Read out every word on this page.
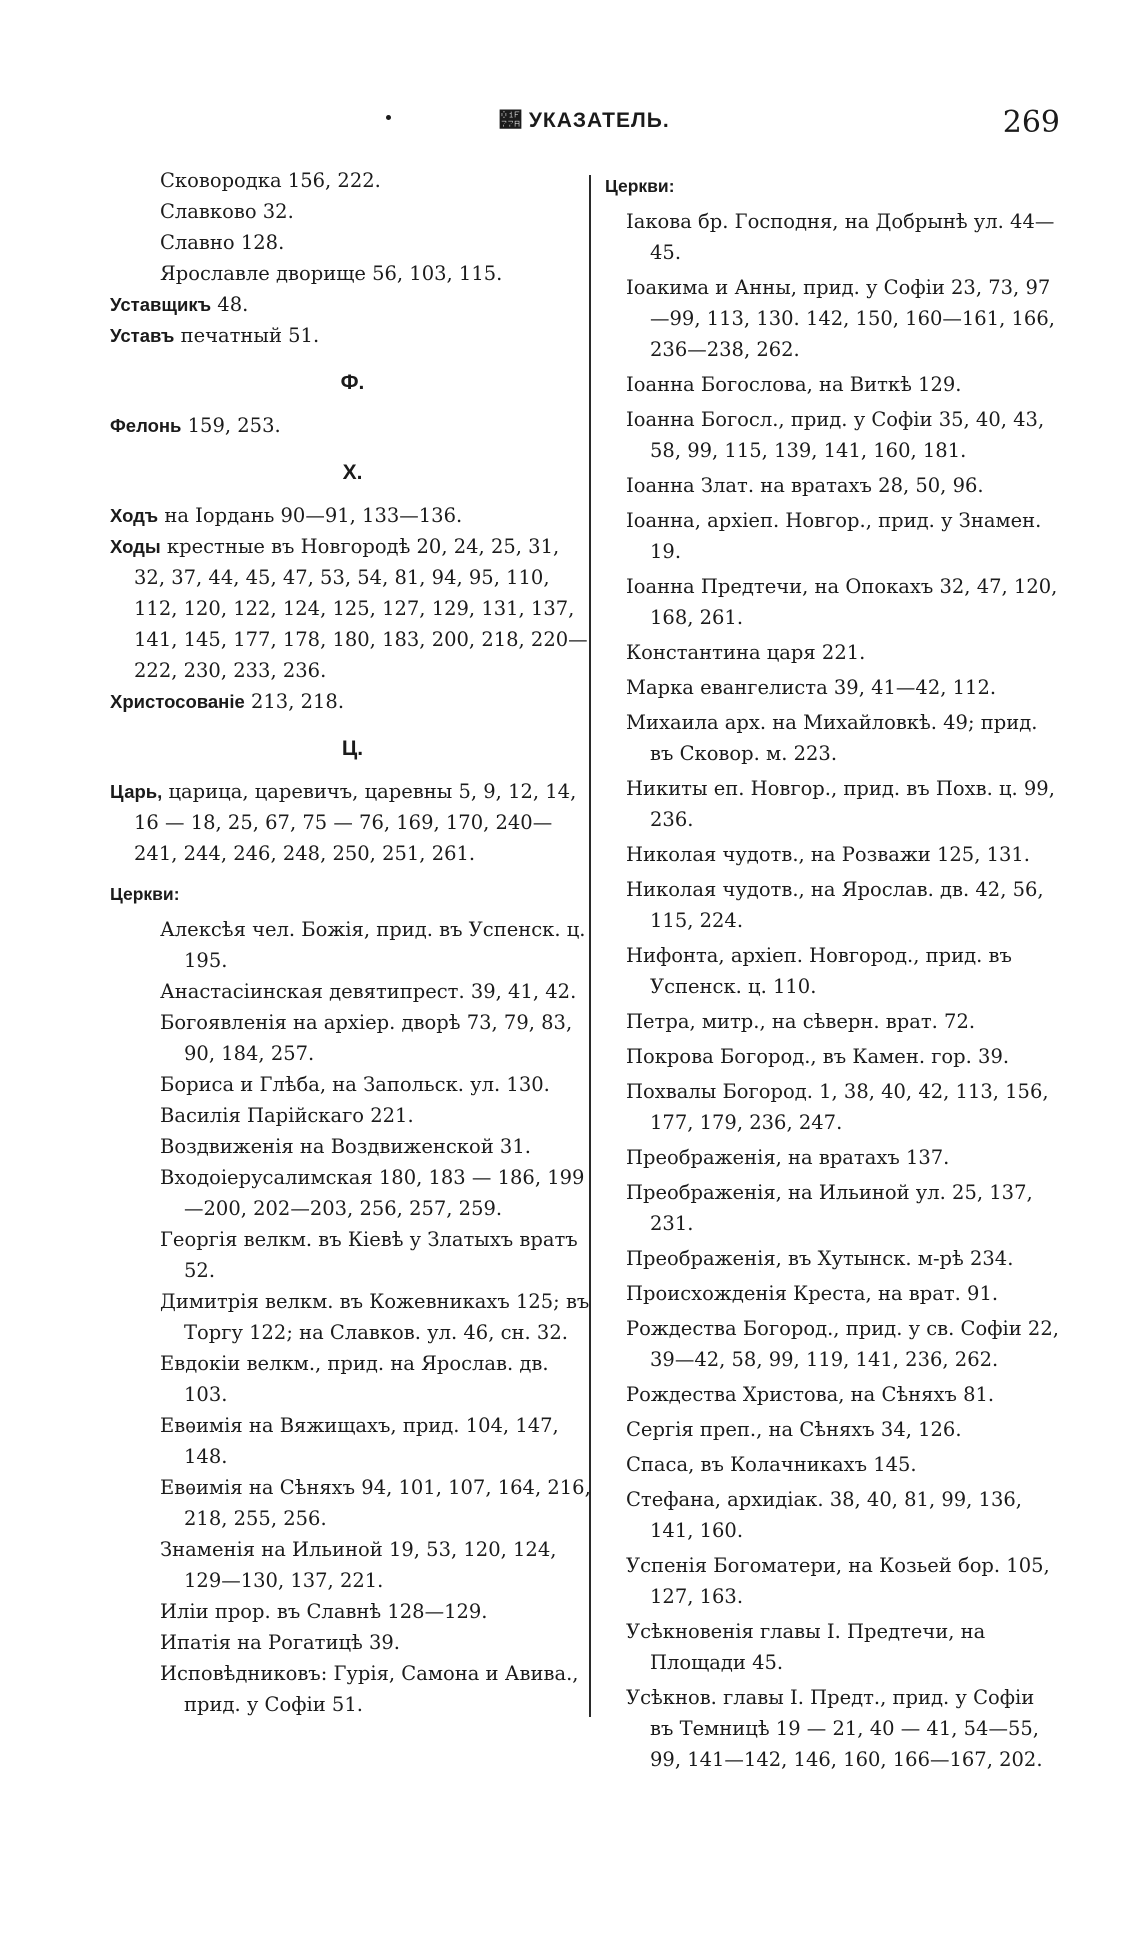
🝺 УКАЗАТЕЛЬ.	269
Сковородка 156, 222.
Славково 32.
Славно 128.
Ярославле дворище 56, 103, 115.
Уставщикъ 48.
Уставъ печатный 51.
Ф.
Фелонь 159, 253.
Х.
Ходъ на Іордань 90—91, 133—136.
Ходы крестные въ Новгородѣ 20, 24, 25, 31, 32, 37, 44, 45, 47, 53, 54, 81, 94, 95, 110, 112, 120, 122, 124, 125, 127, 129, 131, 137, 141, 145, 177, 178, 180, 183, 200, 218, 220—222, 230, 233, 236.
Христосованіе 213, 218.
Ц.
Царь, царица, царевичъ, царевны 5, 9, 12, 14, 16 — 18, 25, 67, 75 — 76, 169, 170, 240—241, 244, 246, 248, 250, 251, 261.
Церкви:
Алексѣя чел. Божія, прид. въ Успенск. ц. 195.
Анастасіинская девятипрест. 39, 41, 42.
Богоявленія на архіер. дворѣ 73, 79, 83, 90, 184, 257.
Бориса и Глѣба, на Запольск. ул. 130.
Василія Парійскаго 221.
Воздвиженія на Воздвиженской 31.
Входоіерусалимская 180, 183 — 186, 199—200, 202—203, 256, 257, 259.
Георгія велкм. въ Кіевѣ у Златыхъ вратъ 52.
Димитрія велкм. въ Кожевникахъ 125; въ Торгу 122; на Славков. ул. 46, сн. 32.
Евдокіи велкм., прид. на Ярослав. дв. 103.
Евѳимія на Вяжищахъ, прид. 104, 147, 148.
Евѳимія на Сѣняхъ 94, 101, 107, 164, 216, 218, 255, 256.
Знаменія на Ильиной 19, 53, 120, 124, 129—130, 137, 221.
Иліи прор. въ Славнѣ 128—129.
Ипатія на Рогатицѣ 39.
Исповѣдниковъ: Гурія, Самона и Авива., прид. у Софіи 51.
Церкви:
Іакова бр. Господня, на Добрынѣ ул. 44—45.
Іоакима и Анны, прид. у Софіи 23, 73, 97—99, 113, 130. 142, 150, 160—161, 166, 236—238, 262.
Іоанна Богослова, на Виткѣ 129.
Іоанна Богосл., прид. у Софіи 35, 40, 43, 58, 99, 115, 139, 141, 160, 181.
Іоанна Злат. на вратахъ 28, 50, 96.
Іоанна, архіеп. Новгор., прид. у Знамен. 19.
Іоанна Предтечи, на Опокахъ 32, 47, 120, 168, 261.
Константина царя 221.
Марка евангелиста 39, 41—42, 112.
Михаила арх. на Михайловкѣ. 49; прид. въ Сковор. м. 223.
Никиты еп. Новгор., прид. въ Похв. ц. 99, 236.
Николая чудотв., на Розважи 125, 131.
Николая чудотв., на Ярослав. дв. 42, 56, 115, 224.
Нифонта, архіеп. Новгород., прид. въ Успенск. ц. 110.
Петра, митр., на сѣверн. врат. 72.
Покрова Богород., въ Камен. гор. 39.
Похвалы Богород. 1, 38, 40, 42, 113, 156, 177, 179, 236, 247.
Преображенія, на вратахъ 137.
Преображенія, на Ильиной ул. 25, 137, 231.
Преображенія, въ Хутынск. м-рѣ 234.
Происхожденія Креста, на врат. 91.
Рождества Богород., прид. у св. Софіи 22, 39—42, 58, 99, 119, 141, 236, 262.
Рождества Христова, на Сѣняхъ 81.
Сергія преп., на Сѣняхъ 34, 126.
Спаса, въ Колачникахъ 145.
Стефана, архидіак. 38, 40, 81, 99, 136, 141, 160.
Успенія Богоматери, на Козьей бор. 105, 127, 163.
Усѣкновенія главы І. Предтечи, на Площади 45.
Усѣкнов. главы І. Предт., прид. у Софіи въ Темницѣ 19 — 21, 40 — 41, 54—55, 99, 141—142, 146, 160, 166—167, 202.
